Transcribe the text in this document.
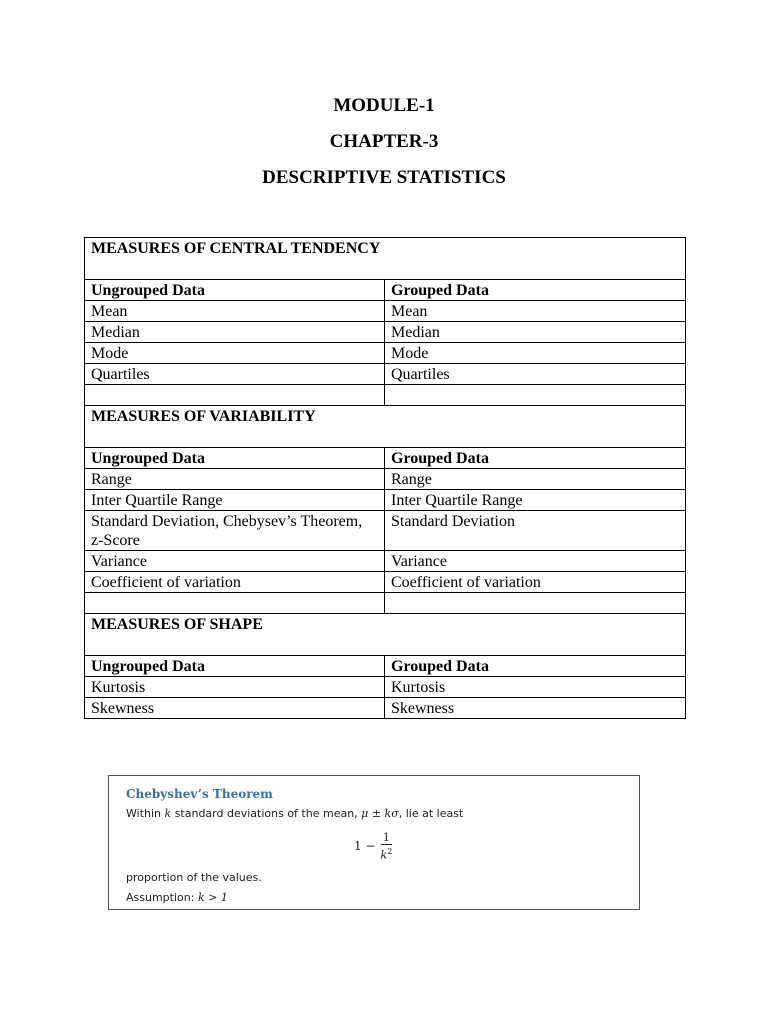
MODULE-1
CHAPTER-3
DESCRIPTIVE STATISTICS
MEASURES OF CENTRAL TENDENCY	
Ungrouped Data	Grouped Data
Mean	Mean
Median	Median
Mode	Mode
Quartiles	Quartiles

MEASURES OF VARIABILITY	
Ungrouped Data	Grouped Data
Range	Range
Inter Quartile Range	Inter Quartile Range
Standard Deviation, Chebysev’s Theorem, z-Score	Standard Deviation
Variance	Variance
Coefficient of variation	Coefficient of variation

MEASURES OF SHAPE	
Ungrouped Data	Grouped Data
Kurtosis	Kurtosis
Skewness	Skewness
Chebyshev’s Theorem
Within k standard deviations of the mean, μ ± kσ, lie at least
$1 - \frac{1}{k^2}$
proportion of the values.
Assumption: k > 1
